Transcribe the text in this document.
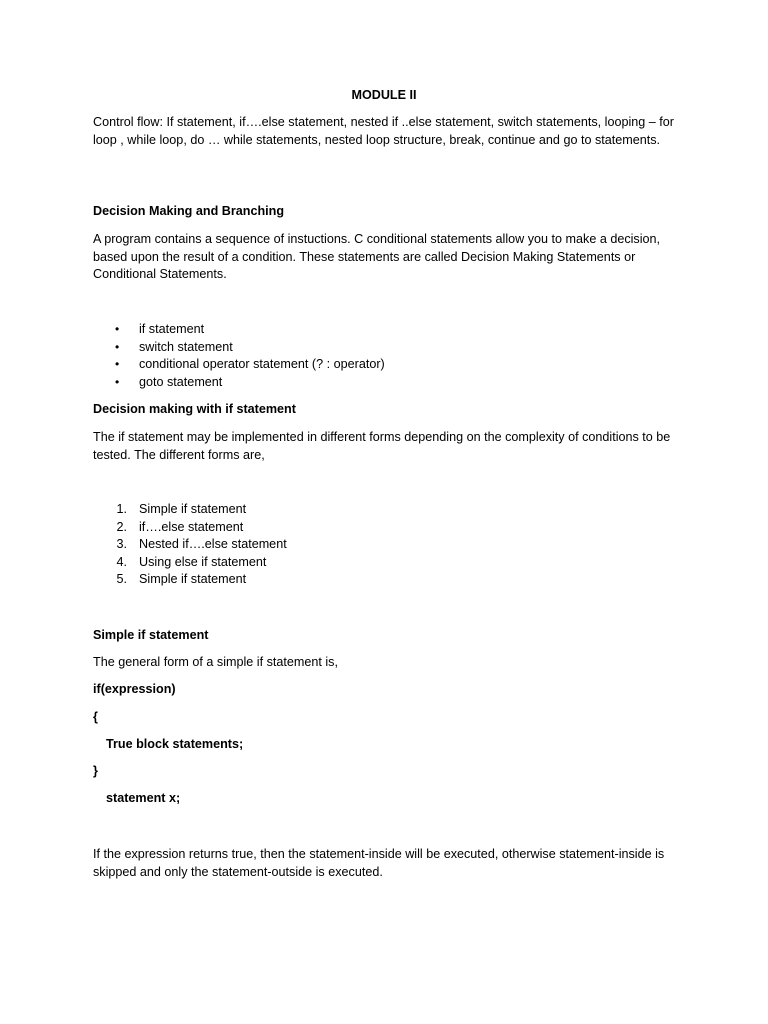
MODULE II

Control flow: If statement, if….else statement, nested if ..else statement, switch statements, looping – for loop , while loop, do … while statements, nested loop structure, break, continue and go to statements.

Decision Making and Branching

A program contains a sequence of instuctions. C conditional statements allow you to make a decision, based upon the result of a condition. These statements are called Decision Making Statements or Conditional Statements.

• if statement
• switch statement
• conditional operator statement (? : operator)
• goto statement

Decision making with if statement

The if statement may be implemented in different forms depending on the complexity of conditions to be tested. The different forms are,

1. Simple if statement
2. if….else statement
3. Nested if….else statement
4. Using else if statement
5. Simple if statement

Simple if statement

The general form of a simple if statement is,

if(expression)

{

True block statements;

}

statement x;

If the expression returns true, then the statement-inside will be executed, otherwise statement-inside is skipped and only the statement-outside is executed.
